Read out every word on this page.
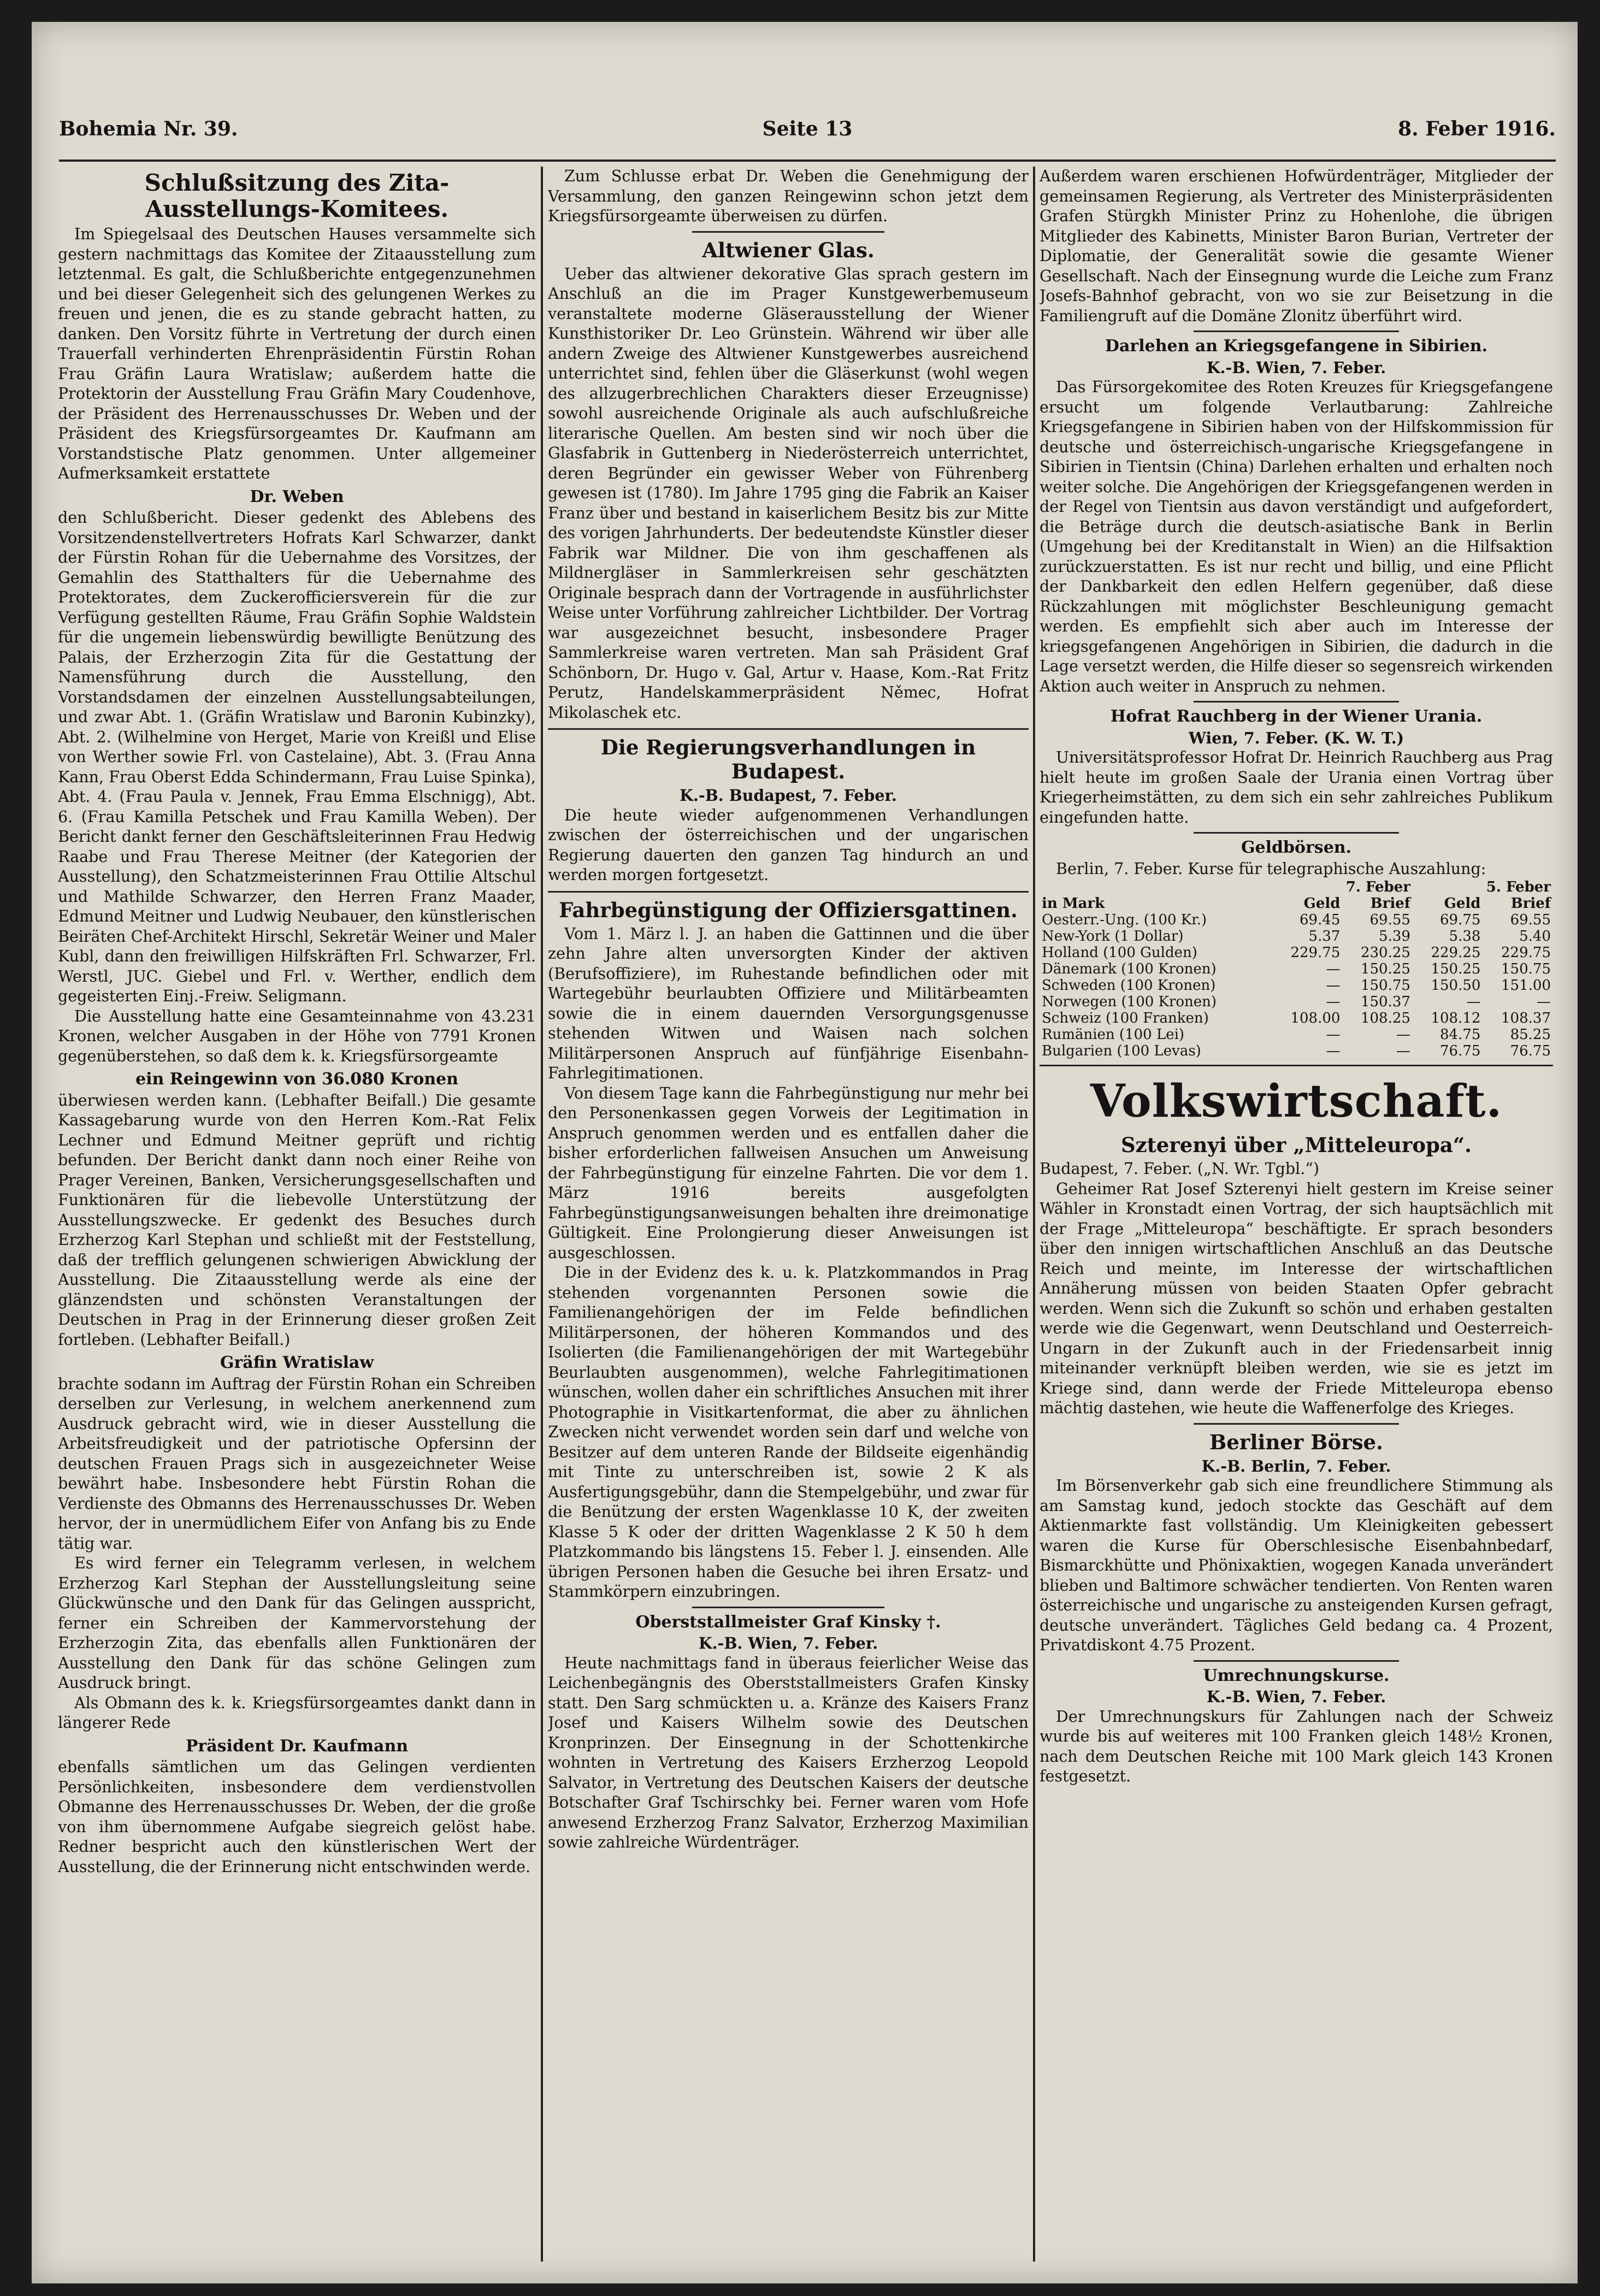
Bohemia Nr. 39.	Seite 13	8. Feber 1916.
Schlußsitzung des Zita-Ausstellungs-Komitees.

Im Spiegelsaal des Deutschen Hauses versammelte sich gestern nachmittags das Komitee der Zitaausstellung zum letztenmal. Es galt, die Schlußberichte entgegenzunehmen und bei dieser Gelegenheit sich des gelungenen Werkes zu freuen und jenen, die es zu stande gebracht hatten, zu danken. Den Vorsitz führte in Vertretung der durch einen Trauerfall verhinderten Ehrenpräsidentin Fürstin Rohan Frau Gräfin Laura Wratislaw; außerdem hatte die Protektorin der Ausstellung Frau Gräfin Mary Coudenhove, der Präsident des Herrenausschusses Dr. Weben und der Präsident des Kriegsfürsorgeamtes Dr. Kaufmann am Vorstandstische Platz genommen. Unter allgemeiner Aufmerksamkeit erstattete

Dr. Weben

den Schlußbericht. Dieser gedenkt des Ablebens des Vorsitzendenstellvertreters Hofrats Karl Schwarzer, dankt der Fürstin Rohan für die Uebernahme des Vorsitzes, der Gemahlin des Statthalters für die Uebernahme des Protektorates, dem Zuckerofficiersverein für die zur Verfügung gestellten Räume, Frau Gräfin Sophie Waldstein für die ungemein liebenswürdig bewilligte Benützung des Palais, der Erzherzogin Zita für die Gestattung der Namensführung durch die Ausstellung, den Vorstandsdamen der einzelnen Ausstellungsabteilungen, und zwar Abt. 1. (Gräfin Wratislaw und Baronin Kubinzky), Abt. 2. (Wilhelmine von Herget, Marie von Kreißl und Elise von Werther sowie Frl. von Castelaine), Abt. 3. (Frau Anna Kann, Frau Oberst Edda Schindermann, Frau Luise Spinka), Abt. 4. (Frau Paula v. Jennek, Frau Emma Elschnigg), Abt. 6. (Frau Kamilla Petschek und Frau Kamilla Weben). Der Bericht dankt ferner den Geschäftsleiterinnen Frau Hedwig Raabe und Frau Therese Meitner (der Kategorien der Ausstellung), den Schatzmeisterinnen Frau Ottilie Altschul und Mathilde Schwarzer, den Herren Franz Maader, Edmund Meitner und Ludwig Neubauer, den künstlerischen Beiräten Chef-Architekt Hirschl, Sekretär Weiner und Maler Kubl, dann den freiwilligen Hilfskräften Frl. Schwarzer, Frl. Werstl, JUC. Giebel und Frl. v. Werther, endlich dem gegeisterten Einj.-Freiw. Seligmann.

Die Ausstellung hatte eine Gesamteinnahme von 43.231 Kronen, welcher Ausgaben in der Höhe von 7791 Kronen gegenüberstehen, so daß dem k. k. Kriegsfürsorgeamte

ein Reingewinn von 36.080 Kronen

überwiesen werden kann. (Lebhafter Beifall.) Die gesamte Kassagebarung wurde von den Herren Kom.-Rat Felix Lechner und Edmund Meitner geprüft und richtig befunden. Der Bericht dankt dann noch einer Reihe von Prager Vereinen, Banken, Versicherungsgesellschaften und Funktionären für die liebevolle Unterstützung der Ausstellungszwecke. Er gedenkt des Besuches durch Erzherzog Karl Stephan und schließt mit der Feststellung, daß der trefflich gelungenen schwierigen Abwicklung der Ausstellung. Die Zitaausstellung werde als eine der glänzendsten und schönsten Veranstaltungen der Deutschen in Prag in der Erinnerung dieser großen Zeit fortleben. (Lebhafter Beifall.)

Gräfin Wratislaw

brachte sodann im Auftrag der Fürstin Rohan ein Schreiben derselben zur Verlesung, in welchem anerkennend zum Ausdruck gebracht wird, wie in dieser Ausstellung die Arbeitsfreudigkeit und der patriotische Opfersinn der deutschen Frauen Prags sich in ausgezeichneter Weise bewährt habe. Insbesondere hebt Fürstin Rohan die Verdienste des Obmanns des Herrenausschusses Dr. Weben hervor, der in unermüdlichem Eifer von Anfang bis zu Ende tätig war.

Es wird ferner ein Telegramm verlesen, in welchem Erzherzog Karl Stephan der Ausstellungsleitung seine Glückwünsche und den Dank für das Gelingen ausspricht, ferner ein Schreiben der Kammervorstehung der Erzherzogin Zita, das ebenfalls allen Funktionären der Ausstellung den Dank für das schöne Gelingen zum Ausdruck bringt.

Als Obmann des k. k. Kriegsfürsorgeamtes dankt dann in längerer Rede

Präsident Dr. Kaufmann

ebenfalls sämtlichen um das Gelingen verdienten Persönlichkeiten, insbesondere dem verdienstvollen Obmanne des Herrenausschusses Dr. Weben, der die große von ihm übernommene Aufgabe siegreich gelöst habe. Redner bespricht auch den künstlerischen Wert der Ausstellung, die der Erinnerung nicht entschwinden werde.

Zum Schlusse erbat Dr. Weben die Genehmigung der Versammlung, den ganzen Reingewinn schon jetzt dem Kriegsfürsorgeamte überweisen zu dürfen.

Altwiener Glas.

Ueber das altwiener dekorative Glas sprach gestern im Anschluß an die im Prager Kunstgewerbemuseum veranstaltete moderne Gläserausstellung der Wiener Kunsthistoriker Dr. Leo Grünstein. Während wir über alle andern Zweige des Altwiener Kunstgewerbes ausreichend unterrichtet sind, fehlen über die Gläserkunst (wohl wegen des allzugerbrechlichen Charakters dieser Erzeugnisse) sowohl ausreichende Originale als auch aufschlußreiche literarische Quellen. Am besten sind wir noch über die Glasfabrik in Guttenberg in Niederösterreich unterrichtet, deren Begründer ein gewisser Weber von Führenberg gewesen ist (1780). Im Jahre 1795 ging die Fabrik an Kaiser Franz über und bestand in kaiserlichem Besitz bis zur Mitte des vorigen Jahrhunderts. Der bedeutendste Künstler dieser Fabrik war Mildner. Die von ihm geschaffenen als Mildnergläser in Sammlerkreisen sehr geschätzten Originale besprach dann der Vortragende in ausführlichster Weise unter Vorführung zahlreicher Lichtbilder. Der Vortrag war ausgezeichnet besucht, insbesondere Prager Sammlerkreise waren vertreten. Man sah Präsident Graf Schönborn, Dr. Hugo v. Gal, Artur v. Haase, Kom.-Rat Fritz Perutz, Handelskammerpräsident Němec, Hofrat Mikolaschek etc.

Die Regierungsverhandlungen in Budapest.
K.-B. Budapest, 7. Feber.

Die heute wieder aufgenommenen Verhandlungen zwischen der österreichischen und der ungarischen Regierung dauerten den ganzen Tag hindurch an und werden morgen fortgesetzt.

Fahrbegünstigung der Offiziersgattinen.

Vom 1. März l. J. an haben die Gattinnen und die über zehn Jahre alten unversorgten Kinder der aktiven (Berufsoffiziere), im Ruhestande befindlichen oder mit Wartegebühr beurlaubten Offiziere und Militärbeamten sowie die in einem dauernden Versorgungsgenusse stehenden Witwen und Waisen nach solchen Militärpersonen Anspruch auf fünfjährige Eisenbahn-Fahrlegitimationen.

Von diesem Tage kann die Fahrbegünstigung nur mehr bei den Personenkassen gegen Vorweis der Legitimation in Anspruch genommen werden und es entfallen daher die bisher erforderlichen fallweisen Ansuchen um Anweisung der Fahrbegünstigung für einzelne Fahrten. Die vor dem 1. März 1916 bereits ausgefolgten Fahrbegünstigungsanweisungen behalten ihre dreimonatige Gültigkeit. Eine Prolongierung dieser Anweisungen ist ausgeschlossen.

Die in der Evidenz des k. u. k. Platzkommandos in Prag stehenden vorgenannten Personen sowie die Familienangehörigen der im Felde befindlichen Militärpersonen, der höheren Kommandos und des Isolierten (die Familienangehörigen der mit Wartegebühr Beurlaubten ausgenommen), welche Fahrlegitimationen wünschen, wollen daher ein schriftliches Ansuchen mit ihrer Photographie in Visitkartenformat, die aber zu ähnlichen Zwecken nicht verwendet worden sein darf und welche von Besitzer auf dem unteren Rande der Bildseite eigenhändig mit Tinte zu unterschreiben ist, sowie 2 K als Ausfertigungsgebühr, dann die Stempelgebühr, und zwar für die Benützung der ersten Wagenklasse 10 K, der zweiten Klasse 5 K oder der dritten Wagenklasse 2 K 50 h dem Platzkommando bis längstens 15. Feber l. J. einsenden. Alle übrigen Personen haben die Gesuche bei ihren Ersatz- und Stammkörpern einzubringen.

Oberststallmeister Graf Kinsky †.
K.-B. Wien, 7. Feber.

Heute nachmittags fand in überaus feierlicher Weise das Leichenbegängnis des Oberststallmeisters Grafen Kinsky statt. Den Sarg schmückten u. a. Kränze des Kaisers Franz Josef und Kaisers Wilhelm sowie des Deutschen Kronprinzen. Der Einsegnung in der Schottenkirche wohnten in Vertretung des Kaisers Erzherzog Leopold Salvator, in Vertretung des Deutschen Kaisers der deutsche Botschafter Graf Tschirschky bei. Ferner waren vom Hofe anwesend Erzherzog Franz Salvator, Erzherzog Maximilian sowie zahlreiche Würdenträger.

Außerdem waren erschienen Hofwürdenträger, Mitglieder der gemeinsamen Regierung, als Vertreter des Ministerpräsidenten Grafen Stürgkh Minister Prinz zu Hohenlohe, die übrigen Mitglieder des Kabinetts, Minister Baron Burian, Vertreter der Diplomatie, der Generalität sowie die gesamte Wiener Gesellschaft. Nach der Einsegnung wurde die Leiche zum Franz Josefs-Bahnhof gebracht, von wo sie zur Beisetzung in die Familiengruft auf die Domäne Zlonitz überführt wird.

Darlehen an Kriegsgefangene in Sibirien.
K.-B. Wien, 7. Feber.

Das Fürsorgekomitee des Roten Kreuzes für Kriegsgefangene ersucht um folgende Verlautbarung: Zahlreiche Kriegsgefangene in Sibirien haben von der Hilfskommission für deutsche und österreichisch-ungarische Kriegsgefangene in Sibirien in Tientsin (China) Darlehen erhalten und erhalten noch weiter solche. Die Angehörigen der Kriegsgefangenen werden in der Regel von Tientsin aus davon verständigt und aufgefordert, die Beträge durch die deutsch-asiatische Bank in Berlin (Umgehung bei der Kreditanstalt in Wien) an die Hilfsaktion zurückzuerstatten. Es ist nur recht und billig, und eine Pflicht der Dankbarkeit den edlen Helfern gegenüber, daß diese Rückzahlungen mit möglichster Beschleunigung gemacht werden. Es empfiehlt sich aber auch im Interesse der kriegsgefangenen Angehörigen in Sibirien, die dadurch in die Lage versetzt werden, die Hilfe dieser so segensreich wirkenden Aktion auch weiter in Anspruch zu nehmen.

Hofrat Rauchberg in der Wiener Urania.
Wien, 7. Feber. (K. W. T.)

Universitätsprofessor Hofrat Dr. Heinrich Rauchberg aus Prag hielt heute im großen Saale der Urania einen Vortrag über Kriegerheimstätten, zu dem sich ein sehr zahlreiches Publikum eingefunden hatte.

Geldbörsen.

Berlin, 7. Feber. Kurse für telegraphische Auszahlung:

	7. Feber		5. Feber	
in Mark	Geld	Brief	Geld	Brief
Oesterr.-Ung. (100 Kr.)	69.45	69.55	69.75	69.55
New-York (1 Dollar)	5.37	5.39	5.38	5.40
Holland (100 Gulden)	229.75	230.25	229.25	229.75
Dänemark (100 Kronen)	—	150.25	150.25	150.75
Schweden (100 Kronen)	—	150.75	150.50	151.00
Norwegen (100 Kronen)	—	150.37	—	—
Schweiz (100 Franken)	108.00	108.25	108.12	108.37
Rumänien (100 Lei)	—	—	84.75	85.25
Bulgarien (100 Levas)	—	—	76.75	76.75
Volkswirtschaft.
Szterenyi über „Mitteleuropa“.

Budapest, 7. Feber. („N. Wr. Tgbl.“)

Geheimer Rat Josef Szterenyi hielt gestern im Kreise seiner Wähler in Kronstadt einen Vortrag, der sich hauptsächlich mit der Frage „Mitteleuropa“ beschäftigte. Er sprach besonders über den innigen wirtschaftlichen Anschluß an das Deutsche Reich und meinte, im Interesse der wirtschaftlichen Annäherung müssen von beiden Staaten Opfer gebracht werden. Wenn sich die Zukunft so schön und erhaben gestalten werde wie die Gegenwart, wenn Deutschland und Oesterreich-Ungarn in der Zukunft auch in der Friedensarbeit innig miteinander verknüpft bleiben werden, wie sie es jetzt im Kriege sind, dann werde der Friede Mitteleuropa ebenso mächtig dastehen, wie heute die Waffenerfolge des Krieges.

Berliner Börse.
K.-B. Berlin, 7. Feber.

Im Börsenverkehr gab sich eine freundlichere Stimmung als am Samstag kund, jedoch stockte das Geschäft auf dem Aktienmarkte fast vollständig. Um Kleinigkeiten gebessert waren die Kurse für Oberschlesische Eisenbahnbedarf, Bismarckhütte und Phönixaktien, wogegen Kanada unverändert blieben und Baltimore schwächer tendierten. Von Renten waren österreichische und ungarische zu ansteigenden Kursen gefragt, deutsche unverändert. Tägliches Geld bedang ca. 4 Prozent, Privatdiskont 4.75 Prozent.

Umrechnungskurse.
K.-B. Wien, 7. Feber.

Der Umrechnungskurs für Zahlungen nach der Schweiz wurde bis auf weiteres mit 100 Franken gleich 148½ Kronen, nach dem Deutschen Reiche mit 100 Mark gleich 143 Kronen festgesetzt.
